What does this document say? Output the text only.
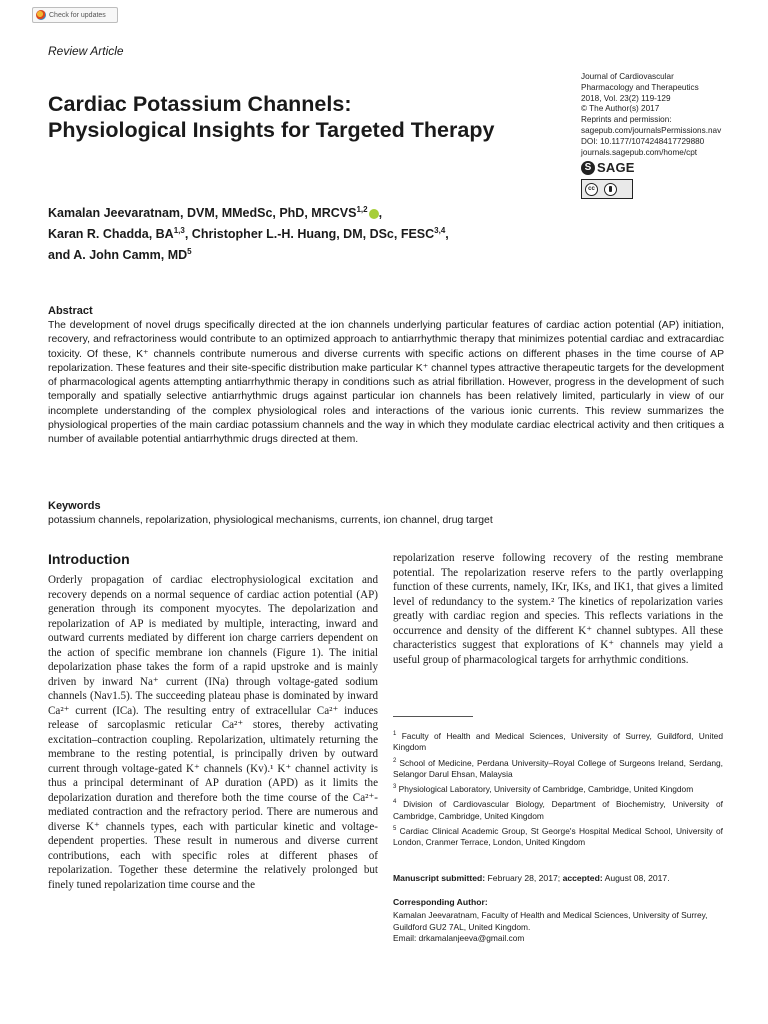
Check for updates
Review Article
Journal of Cardiovascular
Pharmacology and Therapeutics
2018, Vol. 23(2) 119-129
© The Author(s) 2017
Reprints and permission:
sagepub.com/journalsPermissions.nav
DOI: 10.1177/1074248417729880
journals.sagepub.com/home/cpt
S SAGE
cc
Cardiac Potassium Channels:
Physiological Insights for Targeted Therapy
Kamalan Jeevaratnam, DVM, MMedSc, PhD, MRCVS$^{1,2}$ ,
Karan R. Chadda, BA$^{1,3}$, Christopher L.-H. Huang, DM, DSc, FESC$^{3,4}$,
and A. John Camm, $MD^5$
Abstract

The development of novel drugs specifically directed at the ion channels underlying particular features of cardiac action potential (AP) initiation, recovery, and refractoriness would contribute to an optimized approach to antiarrhythmic therapy that minimizes potential cardiac and extracardiac toxicity. Of these, K⁺ channels contribute numerous and diverse currents with specific actions on different phases in the time course of AP repolarization. These features and their site-specific distribution make particular K⁺ channel types attractive therapeutic targets for the development of pharmacological agents attempting antiarrhythmic therapy in conditions such as atrial fibrillation. However, progress in the development of such temporally and spatially selective antiarrhythmic drugs against particular ion channels has been relatively limited, particularly in view of our incomplete understanding of the complex physiological roles and interactions of the various ionic currents. This review summarizes the physiological properties of the main cardiac potassium channels and the way in which they modulate cardiac electrical activity and then critiques a number of available potential antiarrhythmic drugs directed at them.

Keywords

potassium channels, repolarization, physiological mechanisms, currents, ion channel, drug target

Introduction

Orderly propagation of cardiac electrophysiological excitation and recovery depends on a normal sequence of cardiac action potential (AP) generation through its component myocytes. The depolarization and repolarization of AP is mediated by multiple, interacting, inward and outward currents mediated by different ion charge carriers dependent on the action of specific membrane ion channels (Figure 1). The initial depolarization phase takes the form of a rapid upstroke and is mainly driven by inward Na⁺ current (INa) through voltage-gated sodium channels (Nav1.5). The succeeding plateau phase is dominated by inward Ca²⁺ current (ICa). The resulting entry of extracellular Ca²⁺ induces release of sarcoplasmic reticular Ca²⁺ stores, thereby activating excitation–contraction coupling. Repolarization, ultimately returning the membrane to the resting potential, is principally driven by outward current through voltage-gated K⁺ channels (Kv).¹ K⁺ channel activity is thus a principal determinant of AP duration (APD) as it limits the depolarization duration and therefore both the time course of the Ca²⁺-mediated contraction and the refractory period. There are numerous and diverse K⁺ channels types, each with particular kinetic and voltage-dependent properties. These result in numerous and diverse current contributions, each with specific roles at different phases of repolarization. Together these determine the relatively prolonged but finely tuned repolarization time course and the

repolarization reserve following recovery of the resting membrane potential. The repolarization reserve refers to the partly overlapping function of these currents, namely, IKr, IKs, and IK1, that gives a limited level of redundancy to the system.² The kinetics of repolarization varies greatly with cardiac region and species. This reflects variations in the occurrence and density of the different K⁺ channel subtypes. All these characteristics suggest that explorations of K⁺ channels may yield a useful group of pharmacological targets for arrhythmic conditions.

$^1$ Faculty of Health and Medical Sciences, University of Surrey, Guildford, United Kingdom
$^2$ School of Medicine, Perdana University–Royal College of Surgeons Ireland, Serdang, Selangor Darul Ehsan, Malaysia
$^3$ Physiological Laboratory, University of Cambridge, Cambridge, United Kingdom
$^4$ Division of Cardiovascular Biology, Department of Biochemistry, University of Cambridge, Cambridge, United Kingdom
$^5$ Cardiac Clinical Academic Group, St George's Hospital Medical School, University of London, Cranmer Terrace, London, United Kingdom
Manuscript submitted: February 28, 2017; accepted: August 08, 2017.
Corresponding Author:
Kamalan Jeevaratnam, Faculty of Health and Medical Sciences, University of Surrey, Guildford GU2 7AL, United Kingdom.
Email: drkamalanjeeva@gmail.com
